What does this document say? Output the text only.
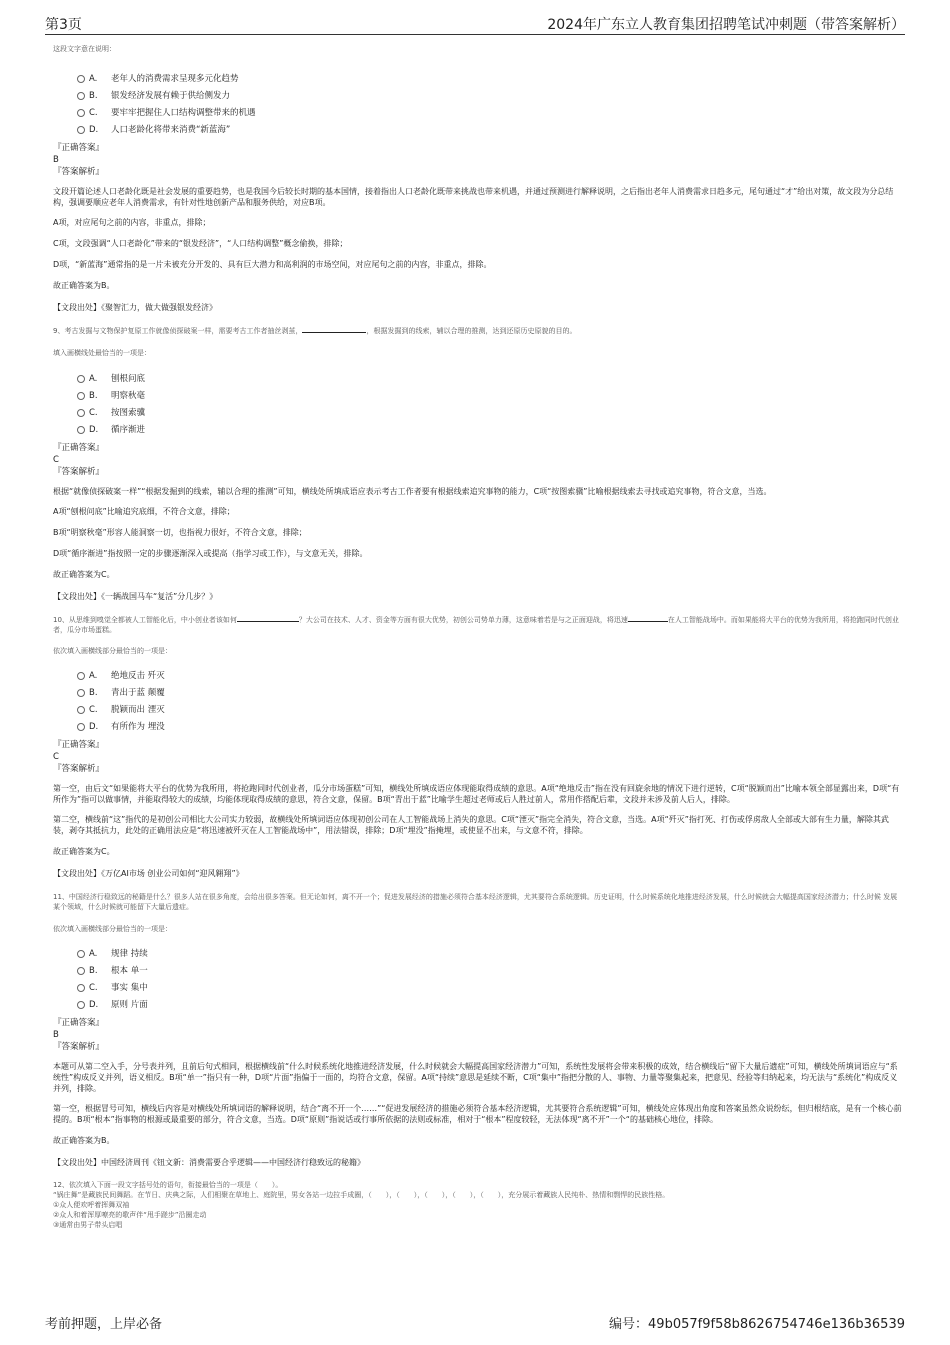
第3页	2024年广东立人教育集团招聘笔试冲刺题（带答案解析）
这段文字意在说明：
A. 老年人的消费需求呈现多元化趋势
B. 银发经济发展有赖于供给侧发力
C. 要牢牢把握住人口结构调整带来的机遇
D. 人口老龄化将带来消费“新蓝海”
『正确答案』
B
『答案解析』
文段开篇论述人口老龄化既是社会发展的重要趋势，也是我国今后较长时期的基本国情，接着指出人口老龄化既带来挑战也带来机遇，并通过预测进行解释说明，之后指出老年人消费需求日趋多元，尾句通过“才”给出对策，故文段为分总结构，强调要顺应老年人消费需求，有针对性地创新产品和服务供给，对应B项。
A项，对应尾句之前的内容，非重点，排除；
C项，文段强调“人口老龄化”带来的“银发经济”，“人口结构调整”概念偷换，排除；
D项，“新蓝海”通常指的是一片未被充分开发的、具有巨大潜力和高利润的市场空间，对应尾句之前的内容，非重点，排除。
故正确答案为B。
【文段出处】《聚智汇力，做大做强银发经济》
9、考古发掘与文物保护复原工作就像侦探破案一样，需要考古工作者抽丝剥茧，	，根据发掘到的线索，辅以合理的推测，达到还原历史原貌的目的。
填入画横线处最恰当的一项是：
A. 刨根问底
B. 明察秋毫
C. 按图索骥
D. 循序渐进
『正确答案』
C
『答案解析』
根据“就像侦探破案一样”“根据发掘到的线索，辅以合理的推测”可知，横线处所填成语应表示考古工作者要有根据线索追究事物的能力，C项“按图索骥”比喻根据线索去寻找或追究事物，符合文意，当选。
A项“刨根问底”比喻追究底细，不符合文意，排除；
B项“明察秋毫”形容人能洞察一切，也指视力很好，不符合文意，排除；
D项“循序渐进”指按照一定的步骤逐渐深入或提高（指学习或工作），与文意无关，排除。
故正确答案为C。
【文段出处】《一辆战国马车“复活”分几步？》
10、从思维到嗅觉全都被人工智能化后，中小创业者该如何	？大公司在技术、人才、资金等方面有很大优势，初创公司势单力薄，这意味着若是与之正面迎战，将迅速	在人工智能战场中。而如果能将大平台的优势为我所用，将抢跑同时代创业者，瓜分市场蛋糕。
依次填入画横线部分最恰当的一项是：
A. 绝地反击 歼灭
B. 青出于蓝 颠覆
C. 脱颖而出 湮灭
D. 有所作为 埋没
『正确答案』
C
『答案解析』
第一空，由后文“如果能将大平台的优势为我所用，将抢跑同时代创业者，瓜分市场蛋糕”可知，横线处所填成语应体现能取得成绩的意思。A项“绝地反击”指在没有回旋余地的情况下进行逆转，C项“脱颖而出”比喻本领全部显露出来，D项“有所作为”指可以做事情，并能取得较大的成绩，均能体现取得成绩的意思，符合文意，保留。B项“青出于蓝”比喻学生超过老师或后人胜过前人，常用作搭配后辈，文段并未涉及前人后人，排除。
第二空，横线前“这”指代的是初创公司相比大公司实力较弱，故横线处所填词语应体现初创公司在人工智能战场上消失的意思。C项“湮灭”指完全消失，符合文意，当选。A项“歼灭”指打死、打伤或俘虏敌人全部或大部有生力量，解除其武装，剥夺其抵抗力，此处的正确用法应是“将迅速被歼灭在人工智能战场中”，用法错误，排除；D项“埋没”指掩埋，或使显不出来，与文意不符，排除。
故正确答案为C。
【文段出处】《万亿AI市场 创业公司如何“迎风翱翔”》
11、中国经济行稳致远的秘籍是什么？很多人站在很多角度，会给出很多答案。但无论如何，离不开一个；促进发展经济的措施必须符合基本经济逻辑，尤其要符合系统逻辑。历史证明，什么时候系统化地推进经济发展，什么时候就会大幅提高国家经济潜力；什么时候 发展某个领域，什么时候就可能留下大量后遗症。
依次填入画横线部分最恰当的一项是：
A. 规律 持续
B. 根本 单一
C. 事实 集中
D. 原则 片面
『正确答案』
B
『答案解析』
本题可从第二空入手，分号表并列，且前后句式相同，根据横线前“什么时候系统化地推进经济发展，什么时候就会大幅提高国家经济潜力”可知，系统性发展将会带来积极的成效，结合横线后“留下大量后遗症”可知，横线处所填词语应与“系统性”构成反义并列，语义相反。B项“单一”指只有一种，D项“片面”指偏于一面的，均符合文意，保留。A项“持续”意思是延续不断，C项“集中”指把分散的人、事物、力量等聚集起来，把意见、经验等归纳起来，均无法与“系统化”构成反义并列，排除。
第一空，根据冒号可知，横线后内容是对横线处所填词语的解释说明，结合“离不开一个……”“促进发展经济的措施必须符合基本经济逻辑，尤其要符合系统逻辑”可知，横线处应体现出角度和答案虽然众说纷纭，但归根结底，是有一个核心前提的。B项“根本”指事物的根源或最重要的部分，符合文意，当选。D项“原则”指说话或行事所依据的法则或标准，相对于“根本”程度较轻，无法体现“离不开”一个“的基础核心地位，排除。
故正确答案为B。
【文段出处】中国经济周刊《钮文新：消费需要合乎逻辑——中国经济行稳致远的秘籍》
12、依次填入下面一段文字括号处的语句，衔接最恰当的一项是（　　）。
“锅庄舞”是藏族民间舞蹈。在节日、庆典之际，人们相聚在草地上、庭院里，男女各站一边拉手成圈，（　　），（　　），（　　），（　　），（　　），充分展示着藏族人民纯朴、热情和剽悍的民族性格。
①众人便欢呼着挥舞双袖
②众人和着浑厚嘹亮的歌声伴“甩手蹉步”沿圈走动
③通常由男子带头启唱
考前押题，上岸必备	编号：49b057f9f58b8626754746e136b36539
